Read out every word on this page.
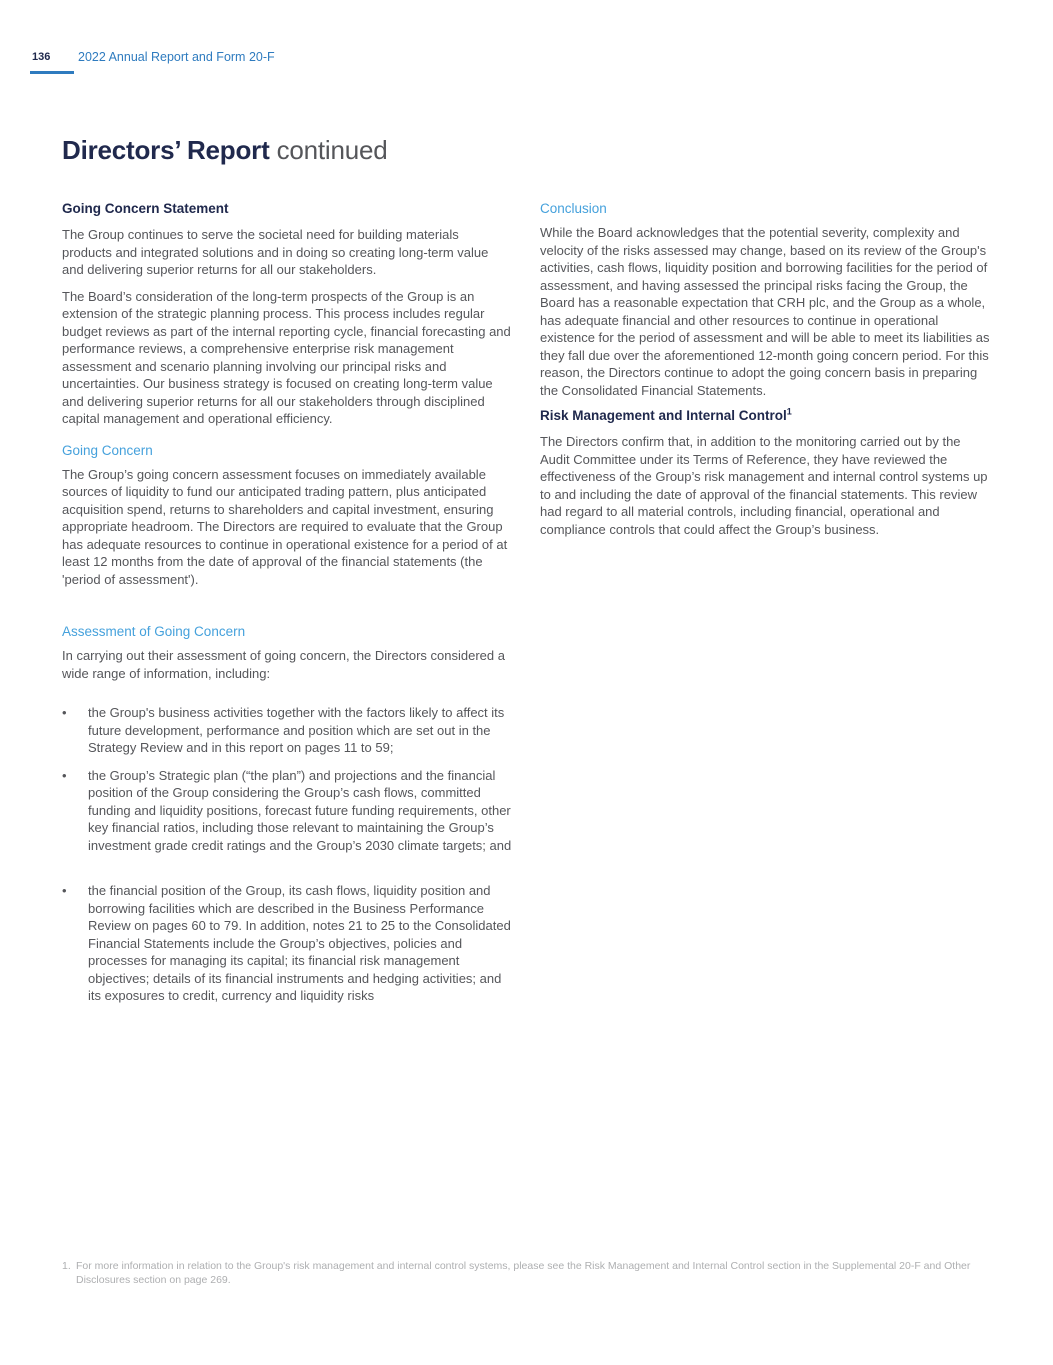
136 2022 Annual Report and Form 20-F
Directors’ Report continued
Going Concern Statement

The Group continues to serve the societal need for building materials products and integrated solutions and in doing so creating long-term value and delivering superior returns for all our stakeholders.

The Board’s consideration of the long-term prospects of the Group is an extension of the strategic planning process. This process includes regular budget reviews as part of the internal reporting cycle, financial forecasting and performance reviews, a comprehensive enterprise risk management assessment and scenario planning involving our principal risks and uncertainties. Our business strategy is focused on creating long-term value and delivering superior returns for all our stakeholders through disciplined capital management and operational efficiency.

Going Concern

The Group’s going concern assessment focuses on immediately available sources of liquidity to fund our anticipated trading pattern, plus anticipated acquisition spend, returns to shareholders and capital investment, ensuring appropriate headroom. The Directors are required to evaluate that the Group has adequate resources to continue in operational existence for a period of at least 12 months from the date of approval of the financial statements (the 'period of assessment').

Assessment of Going Concern

In carrying out their assessment of going concern, the Directors considered a wide range of information, including:

•	the Group's business activities together with the factors likely to affect its future development, performance and position which are set out in the Strategy Review and in this report on pages 11 to 59;
•	the Group’s Strategic plan (“the plan”) and projections and the financial position of the Group considering the Group’s cash flows, committed funding and liquidity positions, forecast future funding requirements, other key financial ratios, including those relevant to maintaining the Group’s investment grade credit ratings and the Group’s 2030 climate targets; and
•	the financial position of the Group, its cash flows, liquidity position and borrowing facilities which are described in the Business Performance Review on pages 60 to 79. In addition, notes 21 to 25 to the Consolidated Financial Statements include the Group’s objectives, policies and processes for managing its capital; its financial risk management objectives; details of its financial instruments and hedging activities; and its exposures to credit, currency and liquidity risks
Conclusion

While the Board acknowledges that the potential severity, complexity and velocity of the risks assessed may change, based on its review of the Group's activities, cash flows, liquidity position and borrowing facilities for the period of assessment, and having assessed the principal risks facing the Group, the Board has a reasonable expectation that CRH plc, and the Group as a whole, has adequate financial and other resources to continue in operational existence for the period of assessment and will be able to meet its liabilities as they fall due over the aforementioned 12-month going concern period. For this reason, the Directors continue to adopt the going concern basis in preparing the Consolidated Financial Statements.

Risk Management and Internal Control$^1$

The Directors confirm that, in addition to the monitoring carried out by the Audit Committee under its Terms of Reference, they have reviewed the effectiveness of the Group’s risk management and internal control systems up to and including the date of approval of the financial statements. This review had regard to all material controls, including financial, operational and compliance controls that could affect the Group’s business.

1. For more information in relation to the Group's risk management and internal control systems, please see the Risk Management and Internal Control section in the Supplemental 20-F and Other Disclosures section on page 269.
